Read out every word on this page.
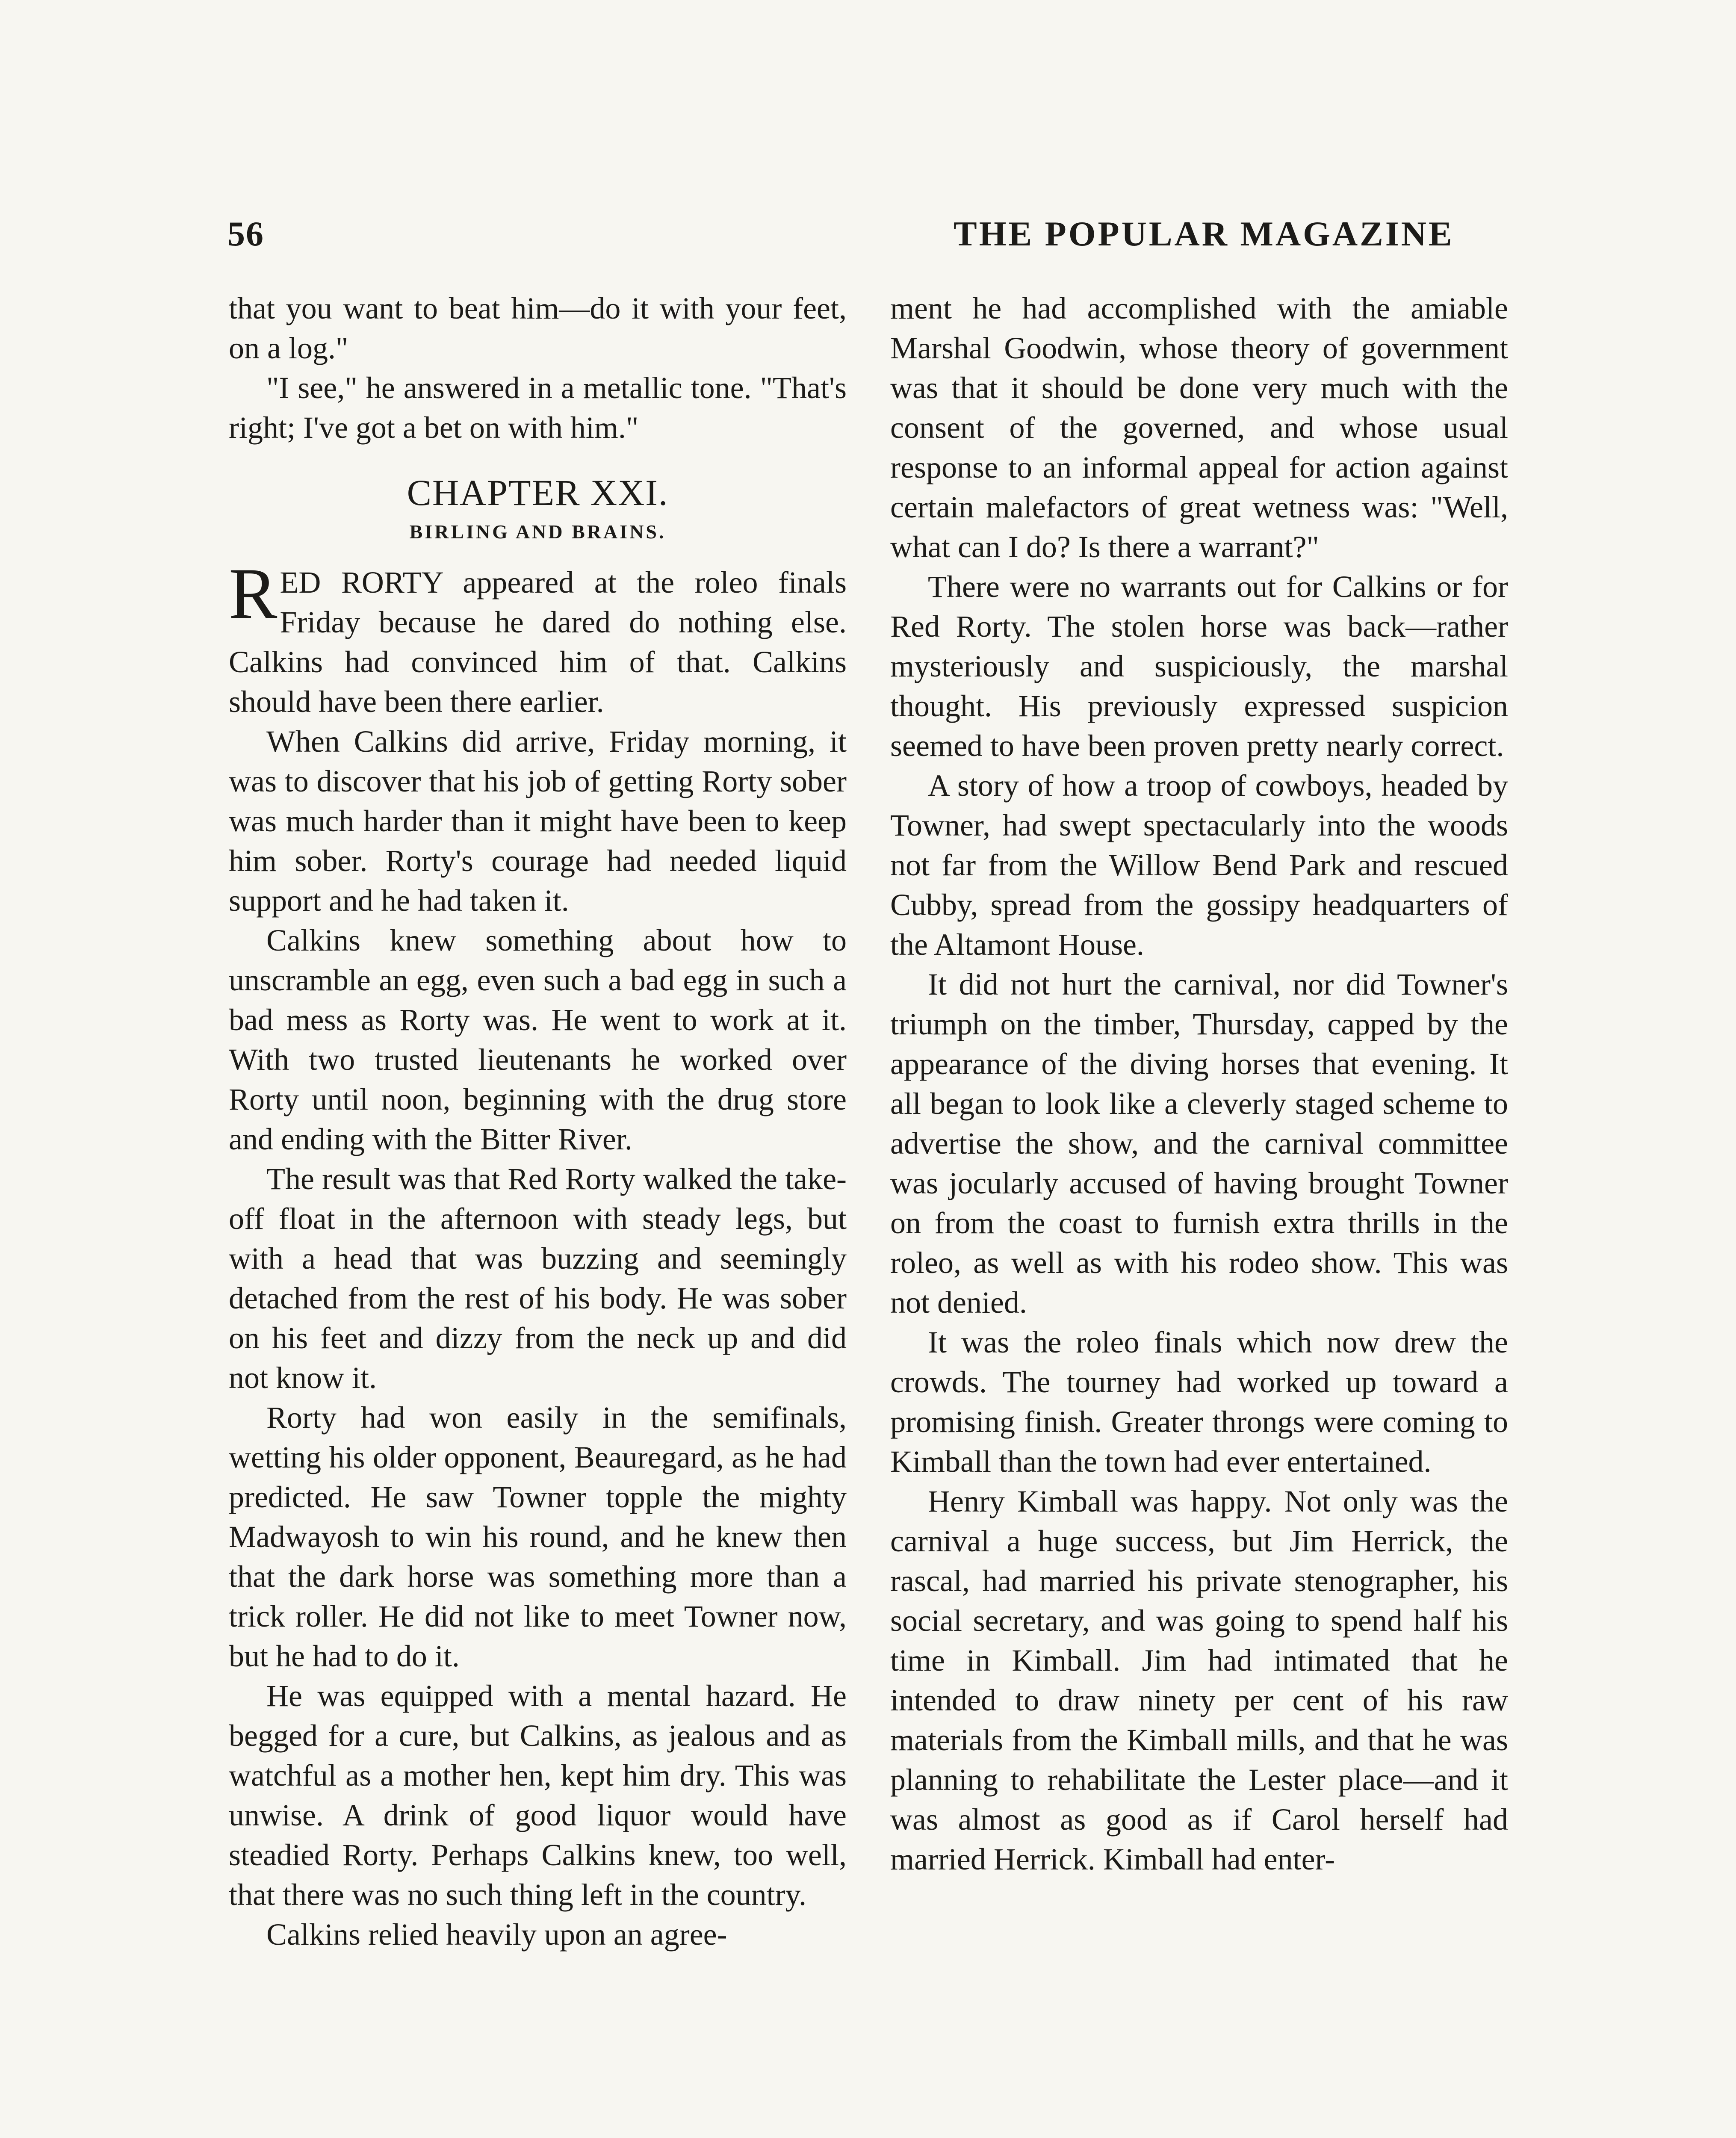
56	THE POPULAR MAGAZINE

that you want to beat him—do it with your feet, on a log."

"I see," he answered in a metallic tone. "That's right; I've got a bet on with him."

CHAPTER XXI.
BIRLING AND BRAINS.

RED RORTY appeared at the roleo finals Friday because he dared do nothing else. Calkins had convinced him of that. Calkins should have been there earlier.

When Calkins did arrive, Friday morning, it was to discover that his job of getting Rorty sober was much harder than it might have been to keep him sober. Rorty's courage had needed liquid support and he had taken it.

Calkins knew something about how to unscramble an egg, even such a bad egg in such a bad mess as Rorty was. He went to work at it. With two trusted lieutenants he worked over Rorty until noon, beginning with the drug store and ending with the Bitter River.

The result was that Red Rorty walked the take-off float in the afternoon with steady legs, but with a head that was buzzing and seemingly detached from the rest of his body. He was sober on his feet and dizzy from the neck up and did not know it.

Rorty had won easily in the semifinals, wetting his older opponent, Beauregard, as he had predicted. He saw Towner topple the mighty Madwayosh to win his round, and he knew then that the dark horse was something more than a trick roller. He did not like to meet Towner now, but he had to do it.

He was equipped with a mental hazard. He begged for a cure, but Calkins, as jealous and as watchful as a mother hen, kept him dry. This was unwise. A drink of good liquor would have steadied Rorty. Perhaps Calkins knew, too well, that there was no such thing left in the country.

Calkins relied heavily upon an agree-

ment he had accomplished with the amiable Marshal Goodwin, whose theory of government was that it should be done very much with the consent of the governed, and whose usual response to an informal appeal for action against certain malefactors of great wetness was: "Well, what can I do? Is there a warrant?"

There were no warrants out for Calkins or for Red Rorty. The stolen horse was back—rather mysteriously and suspiciously, the marshal thought. His previously expressed suspicion seemed to have been proven pretty nearly correct.

A story of how a troop of cowboys, headed by Towner, had swept spectacularly into the woods not far from the Willow Bend Park and rescued Cubby, spread from the gossipy headquarters of the Altamont House.

It did not hurt the carnival, nor did Towner's triumph on the timber, Thursday, capped by the appearance of the diving horses that evening. It all began to look like a cleverly staged scheme to advertise the show, and the carnival committee was jocularly accused of having brought Towner on from the coast to furnish extra thrills in the roleo, as well as with his rodeo show. This was not denied.

It was the roleo finals which now drew the crowds. The tourney had worked up toward a promising finish. Greater throngs were coming to Kimball than the town had ever entertained.

Henry Kimball was happy. Not only was the carnival a huge success, but Jim Herrick, the rascal, had married his private stenographer, his social secretary, and was going to spend half his time in Kimball. Jim had intimated that he intended to draw ninety per cent of his raw materials from the Kimball mills, and that he was planning to rehabilitate the Lester place—and it was almost as good as if Carol herself had married Herrick. Kimball had enter-
